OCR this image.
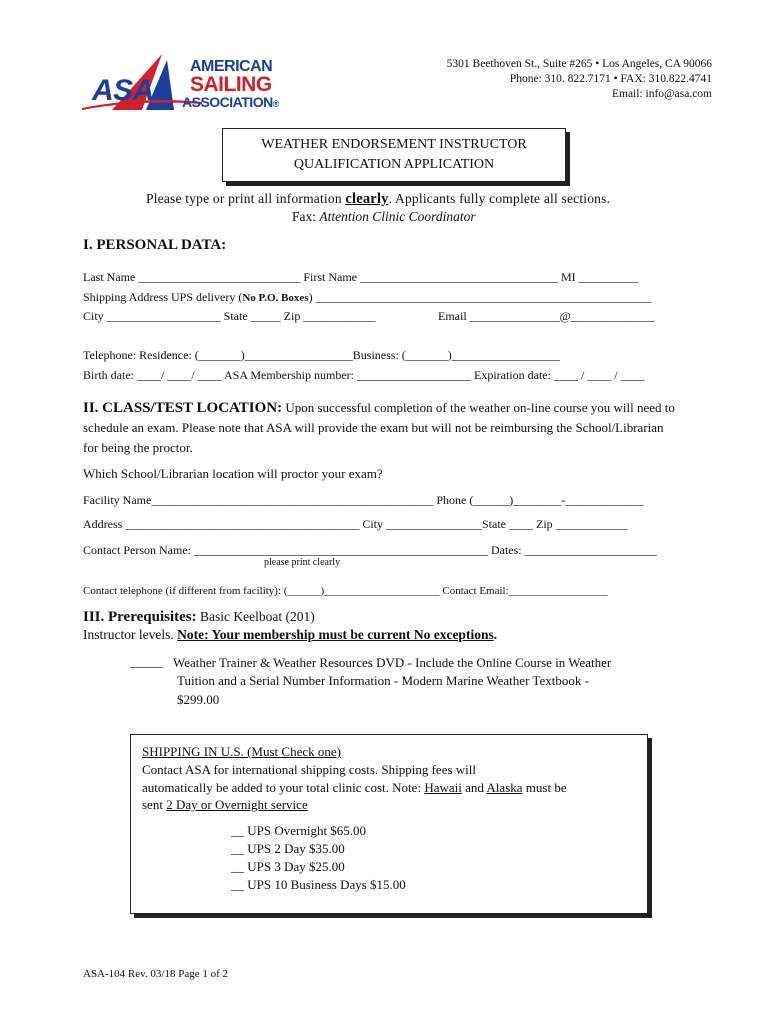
ASA
AMERICAN
SAILING
ASSOCIATION®
5301 Beethoven St., Suite #265 • Los Angeles, CA 90066
Phone: 310. 822.7171 • FAX: 310.822.4741
Email: info@asa.com
WEATHER ENDORSEMENT INSTRUCTOR
QUALIFICATION APPLICATION
Please type or print all information clearly. Applicants fully complete all sections.
Fax: Attention Clinic Coordinator
I. PERSONAL DATA:
Last Name ___________________________ First Name _________________________________ MI __________
Shipping Address UPS delivery (No P.O. Boxes) ________________________________________________________
City ___________________ State _____ Zip ____________	Email _______________@______________
Telephone: Residence: (_______)__________________Business: (_______)__________________
Birth date: ____/ ____/ ____ ASA Membership number: ___________________ Expiration date: ____ / ____ / ____
II. CLASS/TEST LOCATION: Upon successful completion of the weather on-line course you will need to
schedule an exam. Please note that ASA will provide the exam but will not be reimbursing the School/Librarian
for being the proctor.
Which School/Librarian location will proctor your exam?
Facility Name_______________________________________________ Phone (______)________-_____________
Address _______________________________________ City ________________State ____ Zip ____________
Contact Person Name: _________________________________________________ Dates: ______________________
please print clearly
Contact telephone (if different from facility): (______)_____________________ Contact Email:__________________
III. Prerequisites: Basic Keelboat (201)
Instructor levels. Note: Your membership must be current No exceptions.
_____ Weather Trainer & Weather Resources DVD - Include the Online Course in Weather
Tuition and a Serial Number Information - Modern Marine Weather Textbook -
$299.00
SHIPPING IN U.S. (Must Check one)
Contact ASA for international shipping costs. Shipping fees will
automatically be added to your total clinic cost. Note: Hawaii and Alaska must be
sent 2 Day or Overnight service
__ UPS Overnight $65.00
__ UPS 2 Day $35.00
__ UPS 3 Day $25.00
__ UPS 10 Business Days $15.00
ASA-104 Rev. 03/18 Page 1 of 2
